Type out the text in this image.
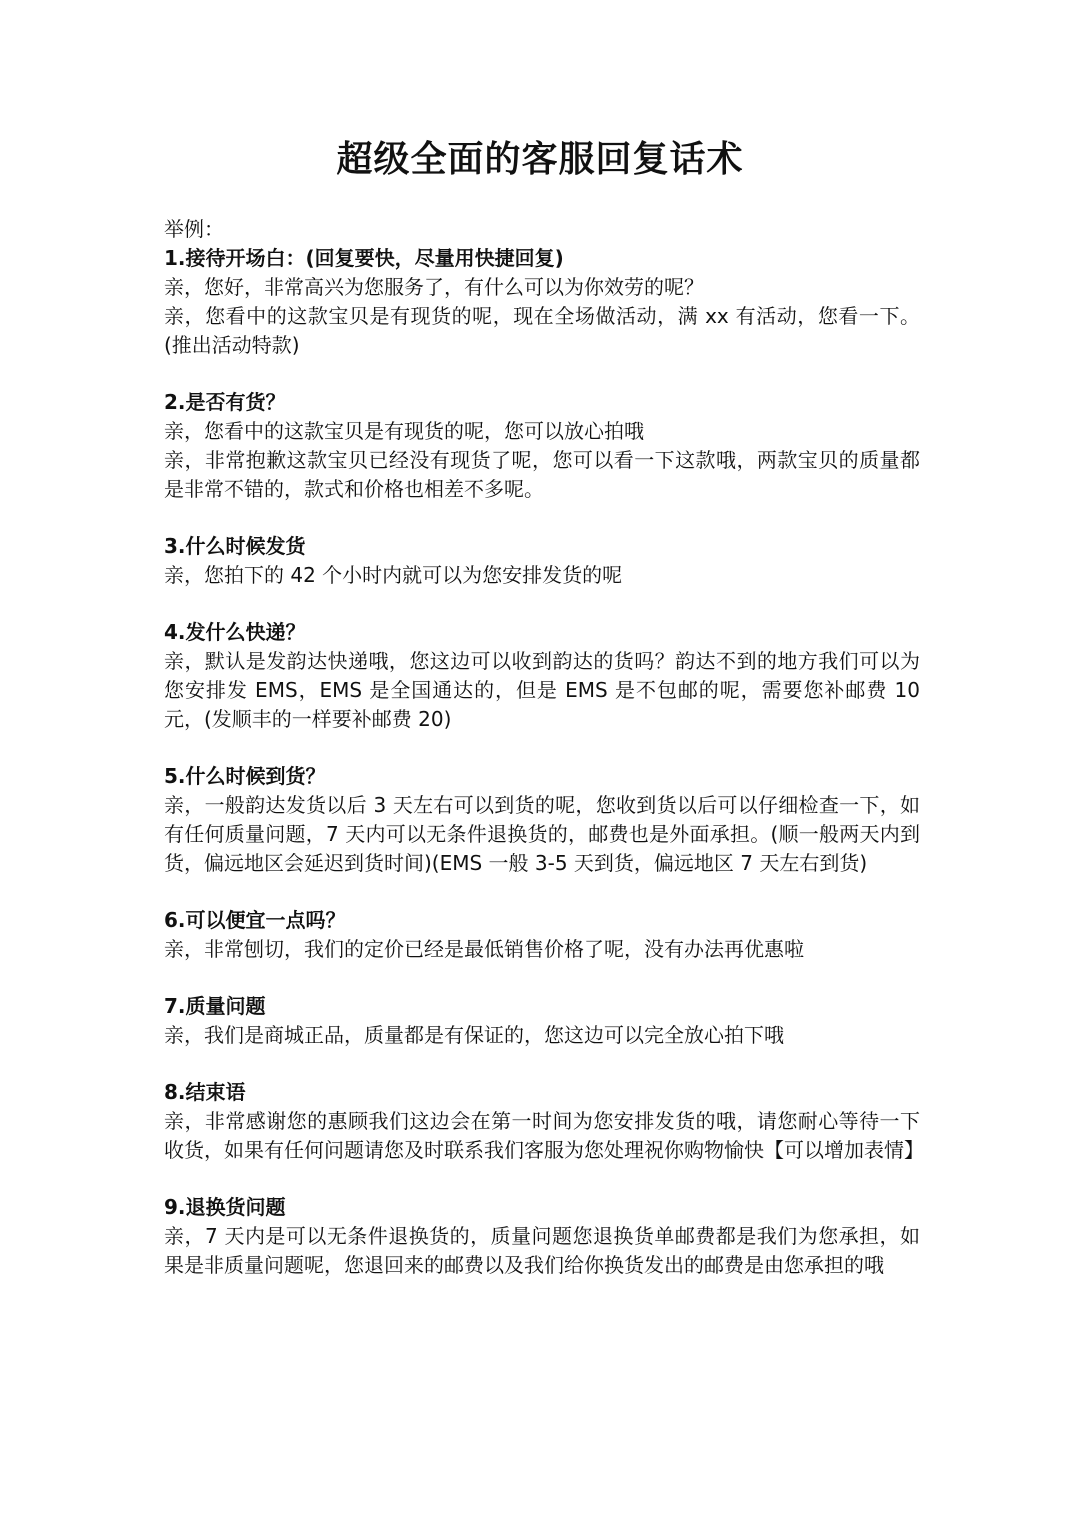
超级全面的客服回复话术

举例：

1.接待开场白：(回复要快，尽量用快捷回复)

亲，您好，非常高兴为您服务了，有什么可以为你效劳的呢？

亲，您看中的这款宝贝是有现货的呢，现在全场做活动，满 xx 有活动，您看一下。(推出活动特款)

2.是否有货？

亲，您看中的这款宝贝是有现货的呢，您可以放心拍哦

亲，非常抱歉这款宝贝已经没有现货了呢，您可以看一下这款哦，两款宝贝的质量都是非常不错的，款式和价格也相差不多呢。

3.什么时候发货

亲，您拍下的 42 个小时内就可以为您安排发货的呢

4.发什么快递？

亲，默认是发韵达快递哦，您这边可以收到韵达的货吗？韵达不到的地方我们可以为您安排发 EMS，EMS 是全国通达的，但是 EMS 是不包邮的呢，需要您补邮费 10 元，(发顺丰的一样要补邮费 20)

5.什么时候到货？

亲，一般韵达发货以后 3 天左右可以到货的呢，您收到货以后可以仔细检查一下，如有任何质量问题，7 天内可以无条件退换货的，邮费也是外面承担。(顺一般两天内到货，偏远地区会延迟到货时间)(EMS 一般 3-5 天到货，偏远地区 7 天左右到货)

6.可以便宜一点吗？

亲，非常刨切，我们的定价已经是最低销售价格了呢，没有办法再优惠啦

7.质量问题

亲，我们是商城正品，质量都是有保证的，您这边可以完全放心拍下哦

8.结束语

亲，非常感谢您的惠顾我们这边会在第一时间为您安排发货的哦，请您耐心等待一下收货，如果有任何问题请您及时联系我们客服为您处理祝你购物愉快【可以增加表情】

9.退换货问题

亲，7 天内是可以无条件退换货的，质量问题您退换货单邮费都是我们为您承担，如果是非质量问题呢，您退回来的邮费以及我们给你换货发出的邮费是由您承担的哦
